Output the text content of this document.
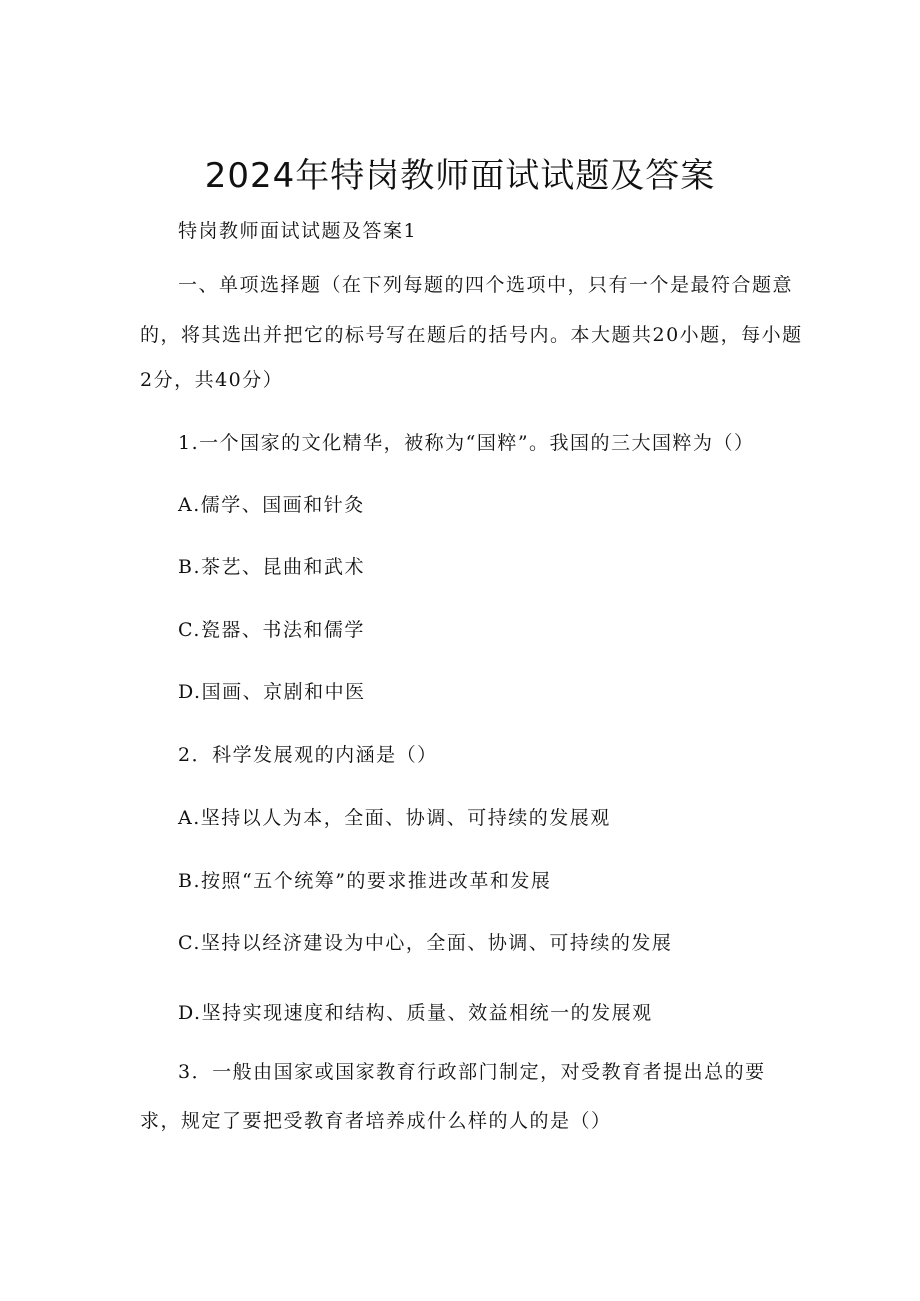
2024年特岗教师面试试题及答案
特岗教师面试试题及答案1
一、单项选择题（在下列每题的四个选项中，只有一个是最符合题意
的，将其选出并把它的标号写在题后的括号内。本大题共20小题，每小题
2分，共40分）
1.一个国家的文化精华，被称为“国粹”。我国的三大国粹为（）
A.儒学、国画和针灸
B.茶艺、昆曲和武术
C.瓷器、书法和儒学
D.国画、京剧和中医
2．科学发展观的内涵是（）
A.坚持以人为本，全面、协调、可持续的发展观
B.按照“五个统筹”的要求推进改革和发展
C.坚持以经济建设为中心，全面、协调、可持续的发展
D.坚持实现速度和结构、质量、效益相统一的发展观
3．一般由国家或国家教育行政部门制定，对受教育者提出总的要
求，规定了要把受教育者培养成什么样的人的是（）
